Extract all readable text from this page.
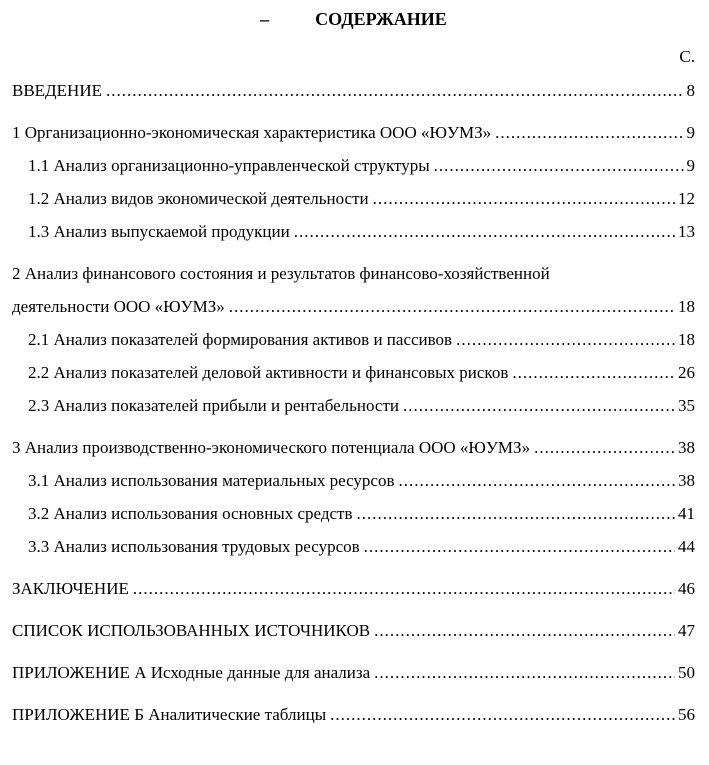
–	СОДЕРЖАНИЕ
С.
ВВЕДЕНИЕ .....	8
1 Организационно-экономическая характеристика ООО «ЮУМЗ» .....	9
1.1 Анализ организационно-управленческой структуры .....	9
1.2 Анализ видов экономической деятельности .....	12
1.3 Анализ выпускаемой продукции .....	13
2 Анализ финансового состояния и результатов финансово-хозяйственной
деятельности ООО «ЮУМЗ» .....	18
2.1 Анализ показателей формирования активов и пассивов .....	18
2.2 Анализ показателей деловой активности и финансовых рисков .....	26
2.3 Анализ показателей прибыли и рентабельности .....	35
3 Анализ производственно-экономического потенциала ООО «ЮУМЗ» .....	38
3.1 Анализ использования материальных ресурсов .....	38
3.2 Анализ использования основных средств .....	41
3.3 Анализ использования трудовых ресурсов .....	44
ЗАКЛЮЧЕНИЕ .....	46
СПИСОК ИСПОЛЬЗОВАННЫХ ИСТОЧНИКОВ .....	47
ПРИЛОЖЕНИЕ А Исходные данные для анализа .....	50
ПРИЛОЖЕНИЕ Б Аналитические таблицы .....	56
